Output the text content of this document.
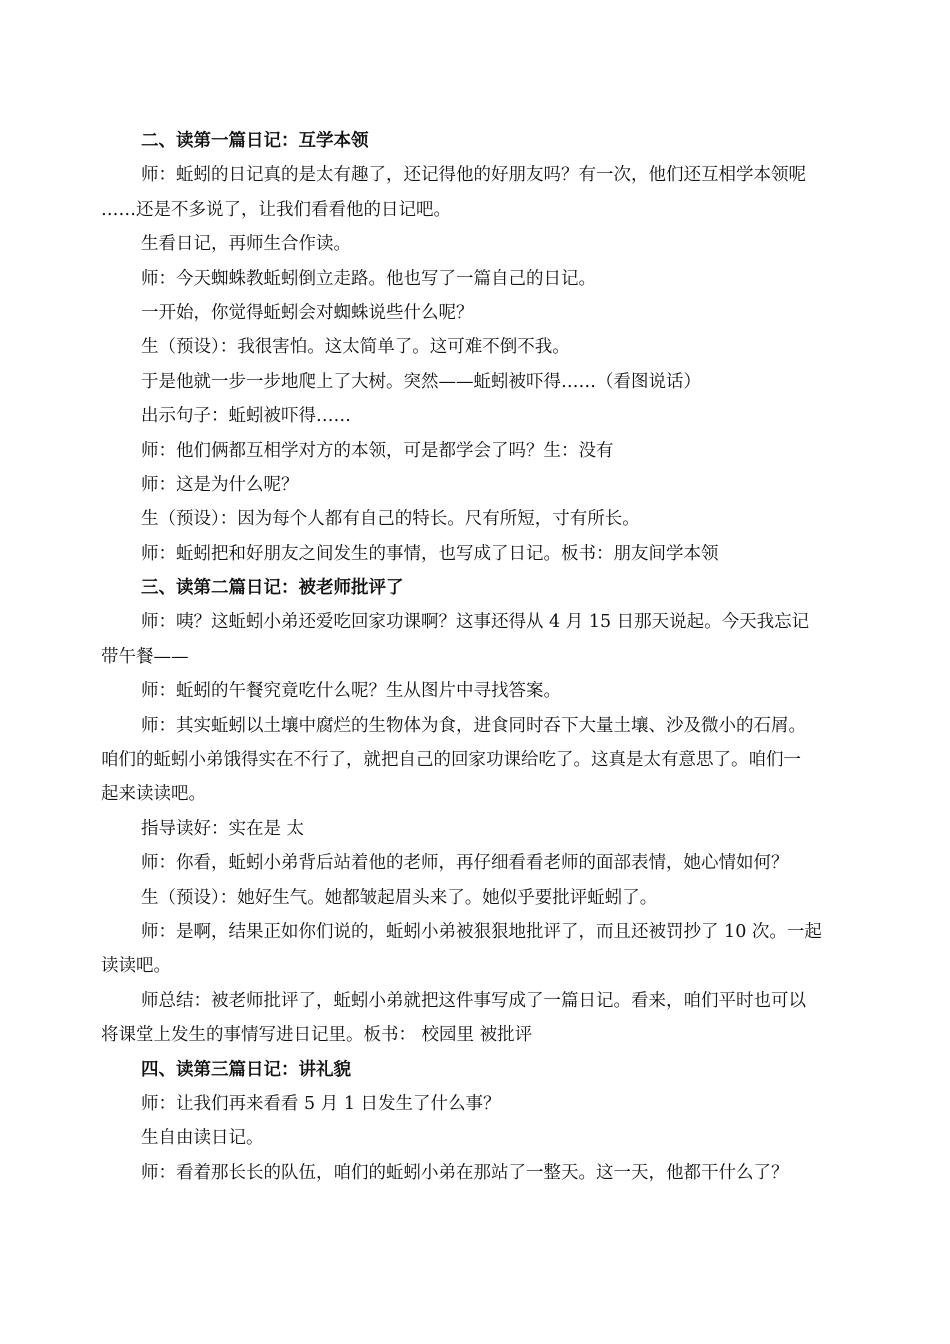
二、读第一篇日记：互学本领
师：蚯蚓的日记真的是太有趣了，还记得他的好朋友吗？有一次，他们还互相学本领呢
……还是不多说了，让我们看看他的日记吧。
生看日记，再师生合作读。
师：今天蜘蛛教蚯蚓倒立走路。他也写了一篇自己的日记。
一开始，你觉得蚯蚓会对蜘蛛说些什么呢？
生（预设）：我很害怕。这太简单了。这可难不倒不我。
于是他就一步一步地爬上了大树。突然——蚯蚓被吓得……（看图说话）
出示句子：蚯蚓被吓得……
师：他们俩都互相学对方的本领，可是都学会了吗？生：没有
师：这是为什么呢？
生（预设）：因为每个人都有自己的特长。尺有所短，寸有所长。
师：蚯蚓把和好朋友之间发生的事情，也写成了日记。板书：朋友间学本领
三、读第二篇日记：被老师批评了
师：咦？这蚯蚓小弟还爱吃回家功课啊？这事还得从 4 月 15 日那天说起。今天我忘记
带午餐——
师：蚯蚓的午餐究竟吃什么呢？生从图片中寻找答案。
师：其实蚯蚓以土壤中腐烂的生物体为食，进食同时吞下大量土壤、沙及微小的石屑。
咱们的蚯蚓小弟饿得实在不行了，就把自己的回家功课给吃了。这真是太有意思了。咱们一
起来读读吧。
指导读好：实在是 太
师：你看，蚯蚓小弟背后站着他的老师，再仔细看看老师的面部表情，她心情如何？
生（预设）：她好生气。她都皱起眉头来了。她似乎要批评蚯蚓了。
师：是啊，结果正如你们说的，蚯蚓小弟被狠狠地批评了，而且还被罚抄了 10 次。一起
读读吧。
师总结：被老师批评了，蚯蚓小弟就把这件事写成了一篇日记。看来，咱们平时也可以
将课堂上发生的事情写进日记里。板书： 校园里 被批评
四、读第三篇日记：讲礼貌
师：让我们再来看看 5 月 1 日发生了什么事？
生自由读日记。
师：看着那长长的队伍，咱们的蚯蚓小弟在那站了一整天。这一天，他都干什么了？
